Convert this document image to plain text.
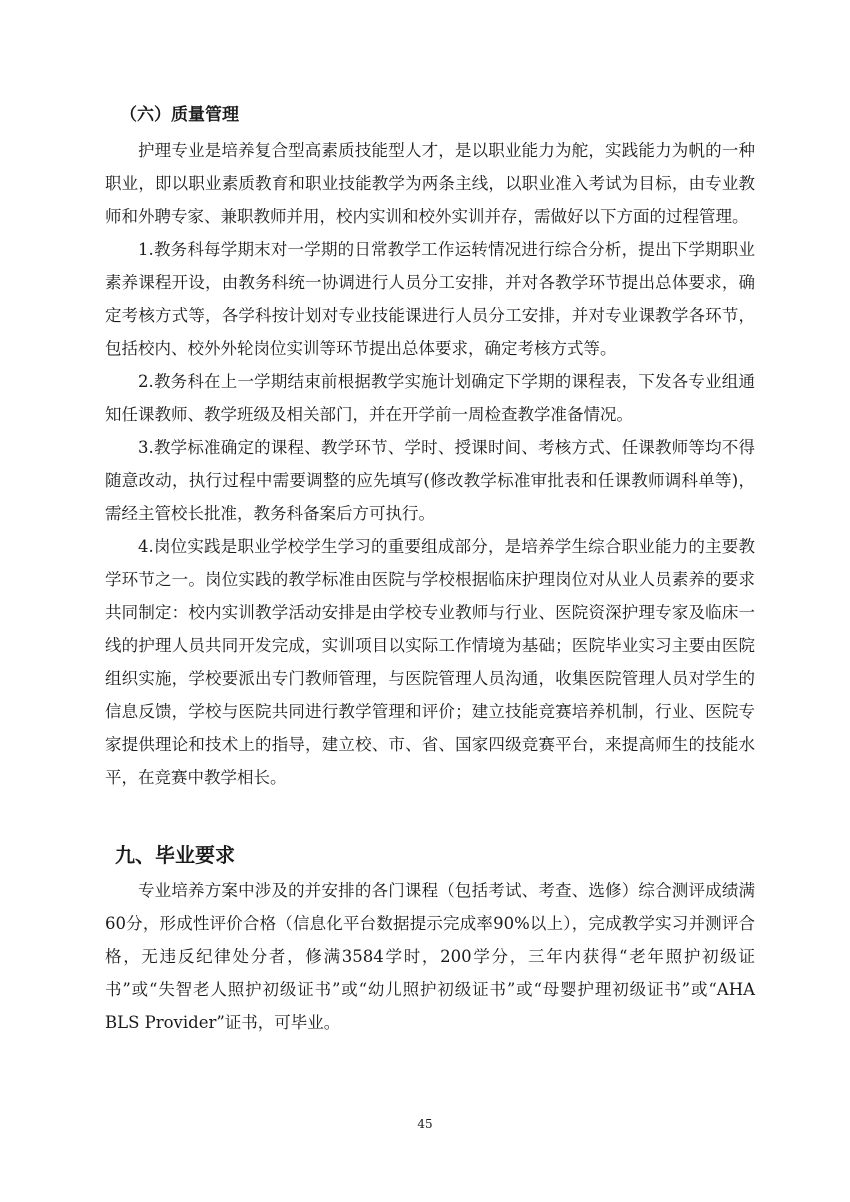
（六）质量管理

护理专业是培养复合型高素质技能型人才，是以职业能力为舵，实践能力为帆的一种职业，即以职业素质教育和职业技能教学为两条主线，以职业准入考试为目标，由专业教师和外聘专家、兼职教师并用，校内实训和校外实训并存，需做好以下方面的过程管理。

1.教务科每学期末对一学期的日常教学工作运转情况进行综合分析，提出下学期职业素养课程开设，由教务科统一协调进行人员分工安排，并对各教学环节提出总体要求，确定考核方式等，各学科按计划对专业技能课进行人员分工安排，并对专业课教学各环节，包括校内、校外外轮岗位实训等环节提出总体要求，确定考核方式等。

2.教务科在上一学期结束前根据教学实施计划确定下学期的课程表，下发各专业组通知任课教师、教学班级及相关部门，并在开学前一周检查教学准备情况。

3.教学标准确定的课程、教学环节、学时、授课时间、考核方式、任课教师等均不得随意改动，执行过程中需要调整的应先填写(修改教学标准审批表和任课教师调科单等)，需经主管校长批准，教务科备案后方可执行。

4.岗位实践是职业学校学生学习的重要组成部分，是培养学生综合职业能力的主要教学环节之一。岗位实践的教学标准由医院与学校根据临床护理岗位对从业人员素养的要求共同制定：校内实训教学活动安排是由学校专业教师与行业、医院资深护理专家及临床一线的护理人员共同开发完成，实训项目以实际工作情境为基础；医院毕业实习主要由医院组织实施，学校要派出专门教师管理，与医院管理人员沟通，收集医院管理人员对学生的信息反馈，学校与医院共同进行教学管理和评价；建立技能竞赛培养机制，行业、医院专家提供理论和技术上的指导，建立校、市、省、国家四级竞赛平台，来提高师生的技能水平，在竞赛中教学相长。

九、毕业要求

专业培养方案中涉及的并安排的各门课程（包括考试、考查、选修）综合测评成绩满60分，形成性评价合格（信息化平台数据提示完成率90%以上），完成教学实习并测评合格，无违反纪律处分者，修满3584学时，200学分，三年内获得“老年照护初级证书”或“失智老人照护初级证书”或“幼儿照护初级证书”或“母婴护理初级证书”或“AHA BLS Provider”证书，可毕业。

45
